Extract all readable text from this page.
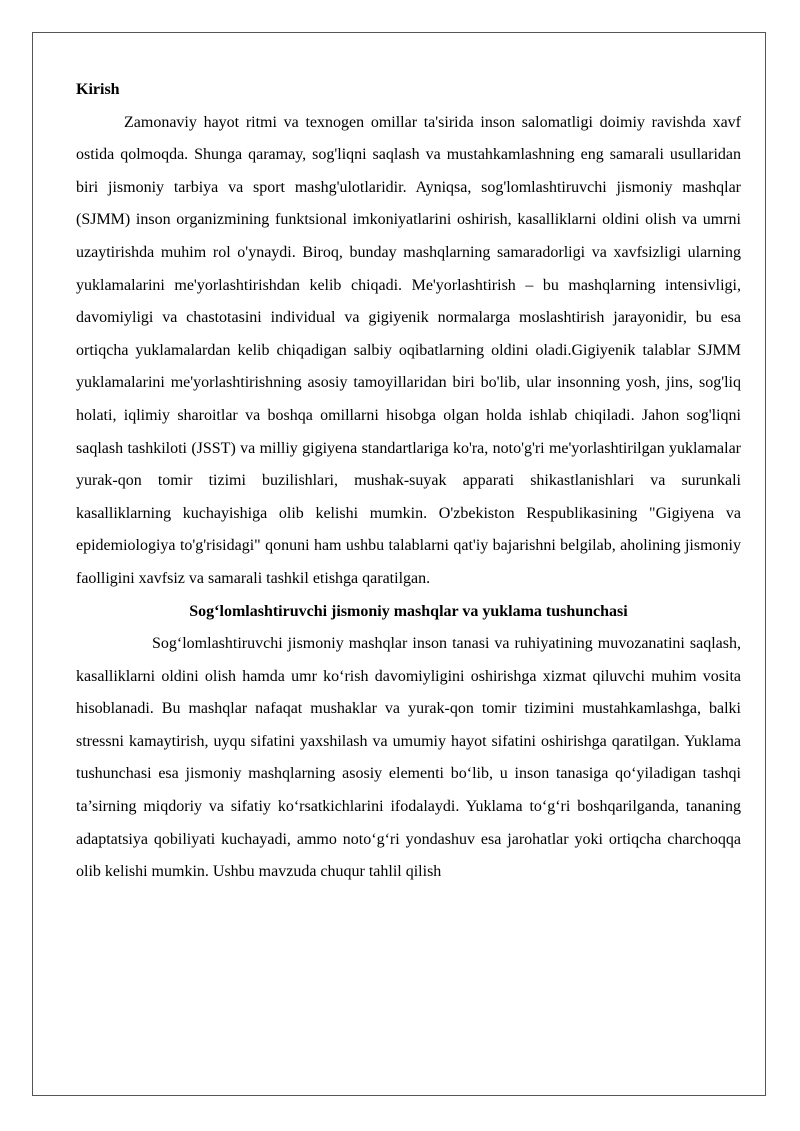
Kirish

Zamonaviy hayot ritmi va texnogen omillar ta'sirida inson salomatligi doimiy ravishda xavf ostida qolmoqda. Shunga qaramay, sog'liqni saqlash va mustahkamlashning eng samarali usullaridan biri jismoniy tarbiya va sport mashg'ulotlaridir. Ayniqsa, sog'lomlashtiruvchi jismoniy mashqlar (SJMM) inson organizmining funktsional imkoniyatlarini oshirish, kasalliklarni oldini olish va umrni uzaytirishda muhim rol o'ynaydi. Biroq, bunday mashqlarning samaradorligi va xavfsizligi ularning yuklamalarini me'yorlashtirishdan kelib chiqadi. Me'yorlashtirish – bu mashqlarning intensivligi, davomiyligi va chastotasini individual va gigiyenik normalarga moslashtirish jarayonidir, bu esa ortiqcha yuklamalardan kelib chiqadigan salbiy oqibatlarning oldini oladi.Gigiyenik talablar SJMM yuklamalarini me'yorlashtirishning asosiy tamoyillaridan biri bo'lib, ular insonning yosh, jins, sog'liq holati, iqlimiy sharoitlar va boshqa omillarni hisobga olgan holda ishlab chiqiladi. Jahon sog'liqni saqlash tashkiloti (JSST) va milliy gigiyena standartlariga ko'ra, noto'g'ri me'yorlashtirilgan yuklamalar yurak-qon tomir tizimi buzilishlari, mushak-suyak apparati shikastlanishlari va surunkali kasalliklarning kuchayishiga olib kelishi mumkin. O'zbekiston Respublikasining "Gigiyena va epidemiologiya to'g'risidagi" qonuni ham ushbu talablarni qat'iy bajarishni belgilab, aholining jismoniy faolligini xavfsiz va samarali tashkil etishga qaratilgan.

Sog‘lomlashtiruvchi jismoniy mashqlar va yuklama tushunchasi

Sog‘lomlashtiruvchi jismoniy mashqlar inson tanasi va ruhiyatining muvozanatini saqlash, kasalliklarni oldini olish hamda umr ko‘rish davomiyligini oshirishga xizmat qiluvchi muhim vosita hisoblanadi. Bu mashqlar nafaqat mushaklar va yurak-qon tomir tizimini mustahkamlashga, balki stressni kamaytirish, uyqu sifatini yaxshilash va umumiy hayot sifatini oshirishga qaratilgan. Yuklama tushunchasi esa jismoniy mashqlarning asosiy elementi bo‘lib, u inson tanasiga qo‘yiladigan tashqi ta’sirning miqdoriy va sifatiy ko‘rsatkichlarini ifodalaydi. Yuklama to‘g‘ri boshqarilganda, tananing adaptatsiya qobiliyati kuchayadi, ammo noto‘g‘ri yondashuv esa jarohatlar yoki ortiqcha charchoqqa olib kelishi mumkin. Ushbu mavzuda chuqur tahlil qilish
